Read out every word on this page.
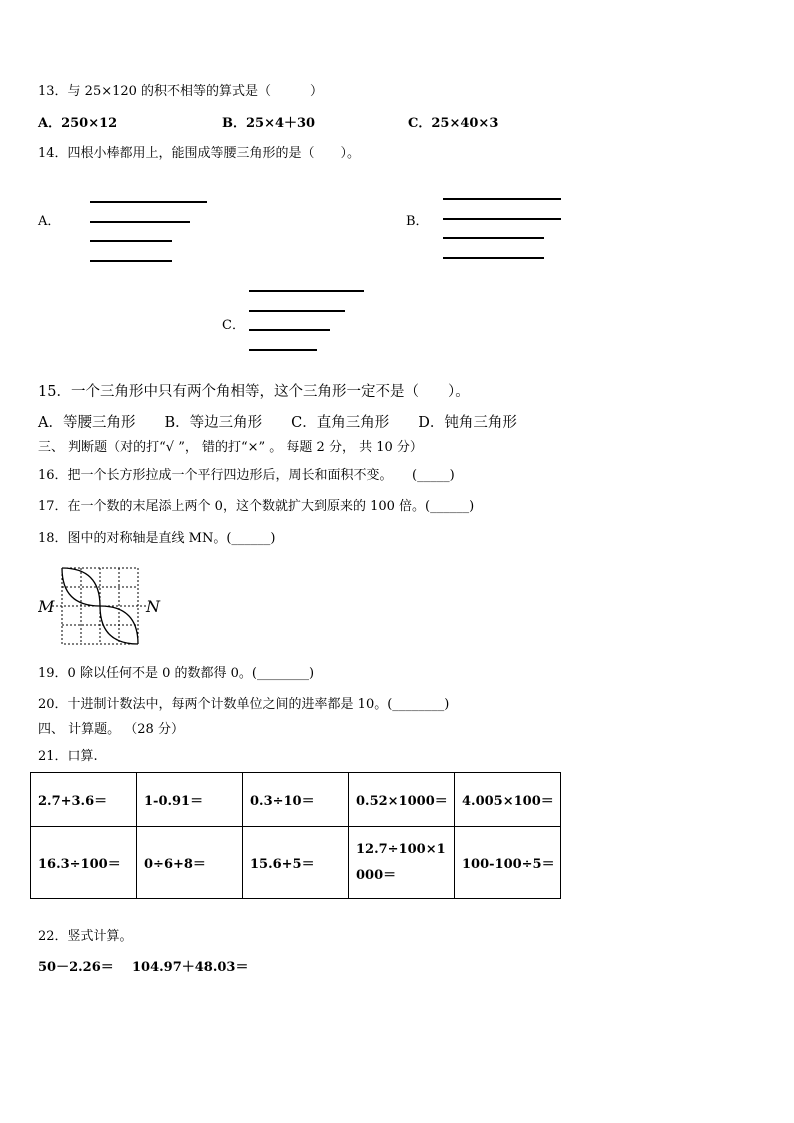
13．与 25×120 的积不相等的算式是（　　　）
A．250×12	B．25×4＋30	C．25×40×3
14．四根小棒都用上，能围成等腰三角形的是（　　）。
A．	B．
C．
15．一个三角形中只有两个角相等，这个三角形一定不是（　　）。
A．等腰三角形　　B．等边三角形　　C．直角三角形　　D．钝角三角形
三、 判断题（对的打“√ ”， 错的打“×” 。 每题 2 分， 共 10 分）
16．把一个长方形拉成一个平行四边形后，周长和面积不变。　　(_____)
17．在一个数的末尾添上两个 0，这个数就扩大到原来的 100 倍。(______)
18．图中的对称轴是直线 MN。(______)
M	N
19．0 除以任何不是 0 的数都得 0。(________)
20．十进制计数法中，每两个计数单位之间的进率都是 10。(________)
四、 计算题。 （28 分）
21．口算.
2.7+3.6＝	1-0.91＝	0.3÷10＝	0.52×1000＝	4.005×100＝
16.3÷100＝	0÷6+8＝	15.6+5＝	12.7÷100×1000＝	100-100÷5＝
22．竖式计算。
50－2.26＝ 104.97＋48.03＝
